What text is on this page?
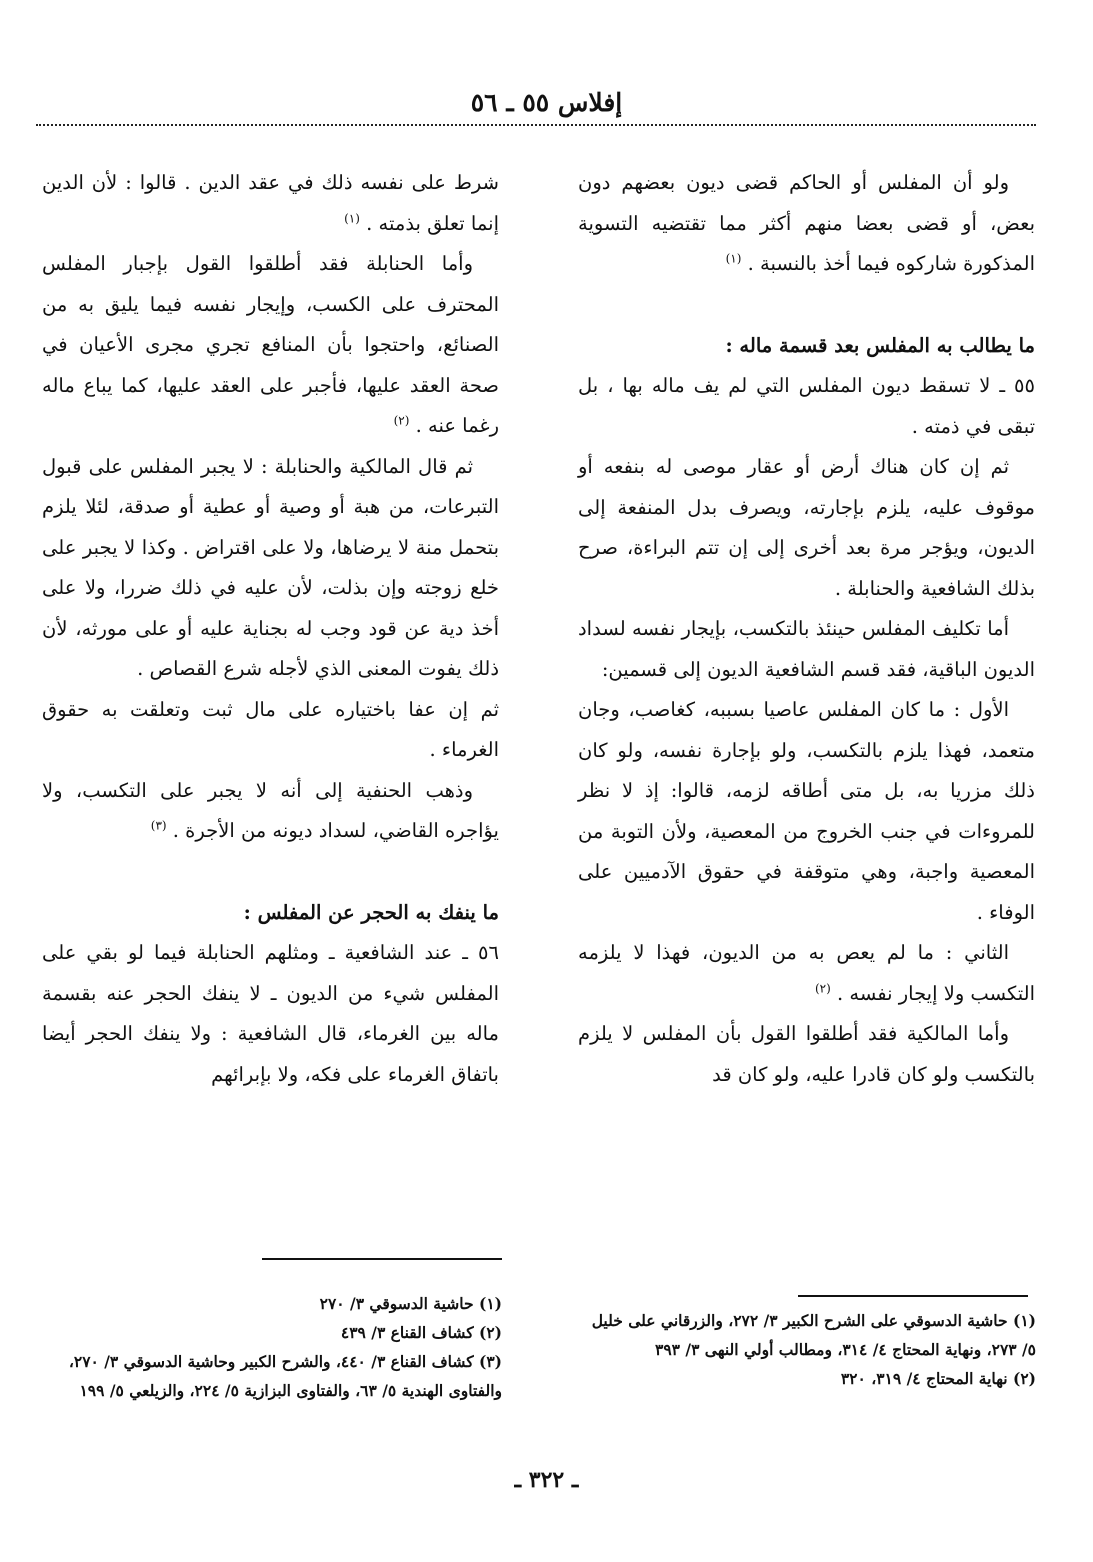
إفلاس ٥٥ ـ ٥٦

ولو أن المفلس أو الحاكم قضى ديون بعضهم دون بعض، أو قضى بعضا منهم أكثر مما تقتضيه التسوية المذكورة شاركوه فيما أخذ بالنسبة . $^{(١)}$

ما يطالب به المفلس بعد قسمة ماله :

٥٥ ـ لا تسقط ديون المفلس التي لم يف ماله بها ، بل تبقى في ذمته .

ثم إن كان هناك أرض أو عقار موصى له بنفعه أو موقوف عليه، يلزم بإجارته، ويصرف بدل المنفعة إلى الديون، ويؤجر مرة بعد أخرى إلى إن تتم البراءة، صرح بذلك الشافعية والحنابلة .

أما تكليف المفلس حينئذ بالتكسب، بإيجار نفسه لسداد الديون الباقية، فقد قسم الشافعية الديون إلى قسمين:

الأول : ما كان المفلس عاصيا بسببه، كغاصب، وجان متعمد، فهذا يلزم بالتكسب، ولو بإجارة نفسه، ولو كان ذلك مزريا به، بل متى أطاقه لزمه، قالوا: إذ لا نظر للمروءات في جنب الخروج من المعصية، ولأن التوبة من المعصية واجبة، وهي متوقفة في حقوق الآدميين على الوفاء .

الثاني : ما لم يعص به من الديون، فهذا لا يلزمه التكسب ولا إيجار نفسه . $^{(٢)}$

وأما المالكية فقد أطلقوا القول بأن المفلس لا يلزم بالتكسب ولو كان قادرا عليه، ولو كان قد

شرط على نفسه ذلك في عقد الدين . قالوا : لأن الدين إنما تعلق بذمته . $^{(١)}$

وأما الحنابلة فقد أطلقوا القول بإجبار المفلس المحترف على الكسب، وإيجار نفسه فيما يليق به من الصنائع، واحتجوا بأن المنافع تجري مجرى الأعيان في صحة العقد عليها، فأجبر على العقد عليها، كما يباع ماله رغما عنه . $^{(٢)}$

ثم قال المالكية والحنابلة : لا يجبر المفلس على قبول التبرعات، من هبة أو وصية أو عطية أو صدقة، لئلا يلزم بتحمل منة لا يرضاها، ولا على اقتراض . وكذا لا يجبر على خلع زوجته وإن بذلت، لأن عليه في ذلك ضررا، ولا على أخذ دية عن قود وجب له بجناية عليه أو على مورثه، لأن ذلك يفوت المعنى الذي لأجله شرع القصاص .

ثم إن عفا باختياره على مال ثبت وتعلقت به حقوق الغرماء .

وذهب الحنفية إلى أنه لا يجبر على التكسب، ولا يؤاجره القاضي، لسداد ديونه من الأجرة . $^{(٣)}$

ما ينفك به الحجر عن المفلس :

٥٦ ـ عند الشافعية ـ ومثلهم الحنابلة فيما لو بقي على المفلس شيء من الديون ـ لا ينفك الحجر عنه بقسمة ماله بين الغرماء، قال الشافعية : ولا ينفك الحجر أيضا باتفاق الغرماء على فكه، ولا بإبرائهم

(١) حاشية الدسوقي على الشرح الكبير ٣/ ٢٧٢، والزرقاني على خليل ٥/ ٢٧٣، ونهاية المحتاج ٤/ ٣١٤، ومطالب أولي النهى ٣/ ٣٩٣

(٢) نهاية المحتاج ٤/ ٣١٩، ٣٢٠

(١) حاشية الدسوقي ٣/ ٢٧٠

(٢) كشاف القناع ٣/ ٤٣٩

(٣) كشاف القناع ٣/ ٤٤٠، والشرح الكبير وحاشية الدسوقي ٣/ ٢٧٠، والفتاوى الهندية ٥/ ٦٣، والفتاوى البزازية ٥/ ٢٢٤، والزيلعي ٥/ ١٩٩

ـ ٣٢٢ ـ
